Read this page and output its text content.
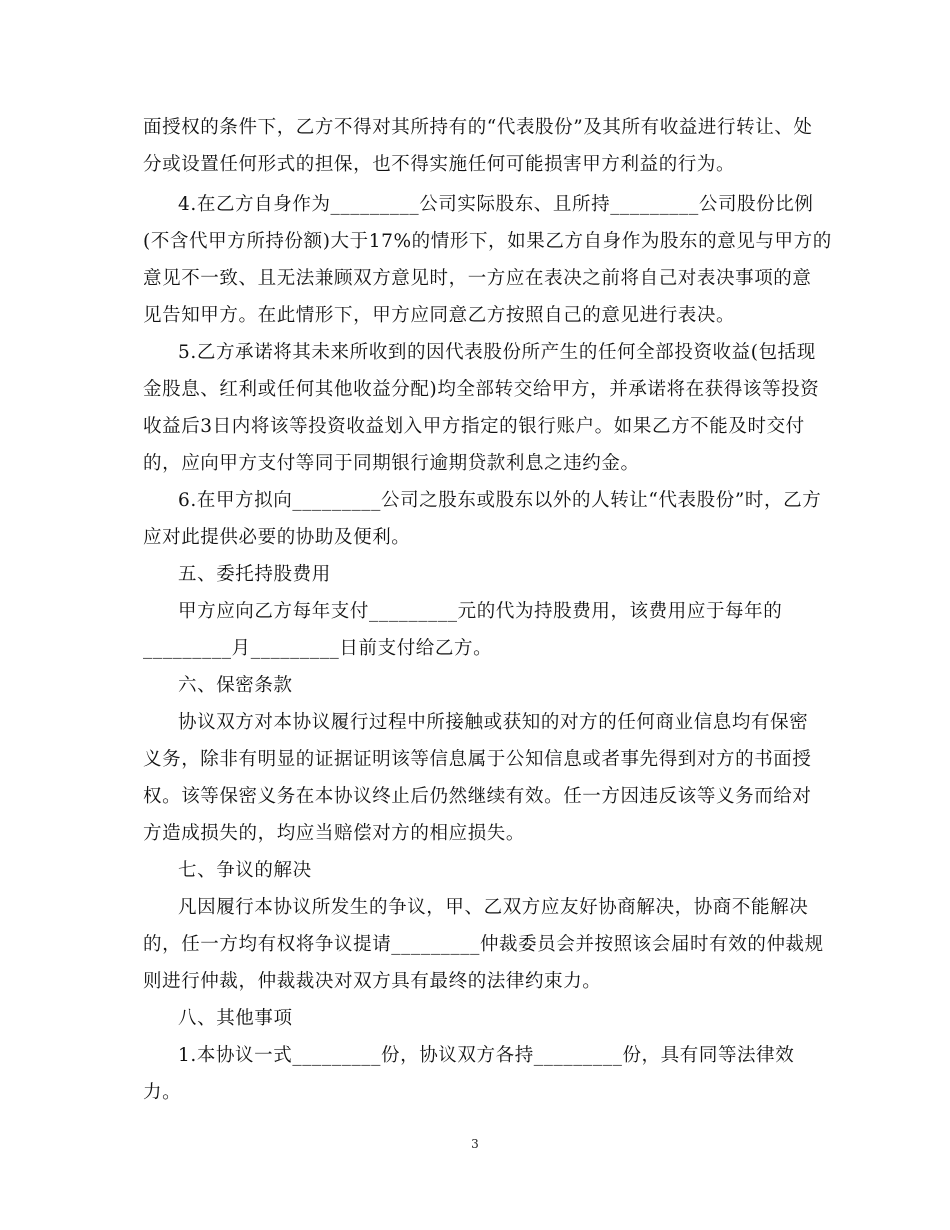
面授权的条件下，乙方不得对其所持有的“代表股份”及其所有收益进行转让、处
分或设置任何形式的担保，也不得实施任何可能损害甲方利益的行为。
4.在乙方自身作为_________公司实际股东、且所持_________公司股份比例
(不含代甲方所持份额)大于17%的情形下，如果乙方自身作为股东的意见与甲方的
意见不一致、且无法兼顾双方意见时，一方应在表决之前将自己对表决事项的意
见告知甲方。在此情形下，甲方应同意乙方按照自己的意见进行表决。
5.乙方承诺将其未来所收到的因代表股份所产生的任何全部投资收益(包括现
金股息、红利或任何其他收益分配)均全部转交给甲方，并承诺将在获得该等投资
收益后3日内将该等投资收益划入甲方指定的银行账户。如果乙方不能及时交付
的，应向甲方支付等同于同期银行逾期贷款利息之违约金。
6.在甲方拟向_________公司之股东或股东以外的人转让“代表股份”时，乙方
应对此提供必要的协助及便利。
五、委托持股费用
甲方应向乙方每年支付_________元的代为持股费用，该费用应于每年的
_________月_________日前支付给乙方。
六、保密条款
协议双方对本协议履行过程中所接触或获知的对方的任何商业信息均有保密
义务，除非有明显的证据证明该等信息属于公知信息或者事先得到对方的书面授
权。该等保密义务在本协议终止后仍然继续有效。任一方因违反该等义务而给对
方造成损失的，均应当赔偿对方的相应损失。
七、争议的解决
凡因履行本协议所发生的争议，甲、乙双方应友好协商解决，协商不能解决
的，任一方均有权将争议提请_________仲裁委员会并按照该会届时有效的仲裁规
则进行仲裁，仲裁裁决对双方具有最终的法律约束力。
八、其他事项
1.本协议一式_________份，协议双方各持_________份，具有同等法律效
力。
3
